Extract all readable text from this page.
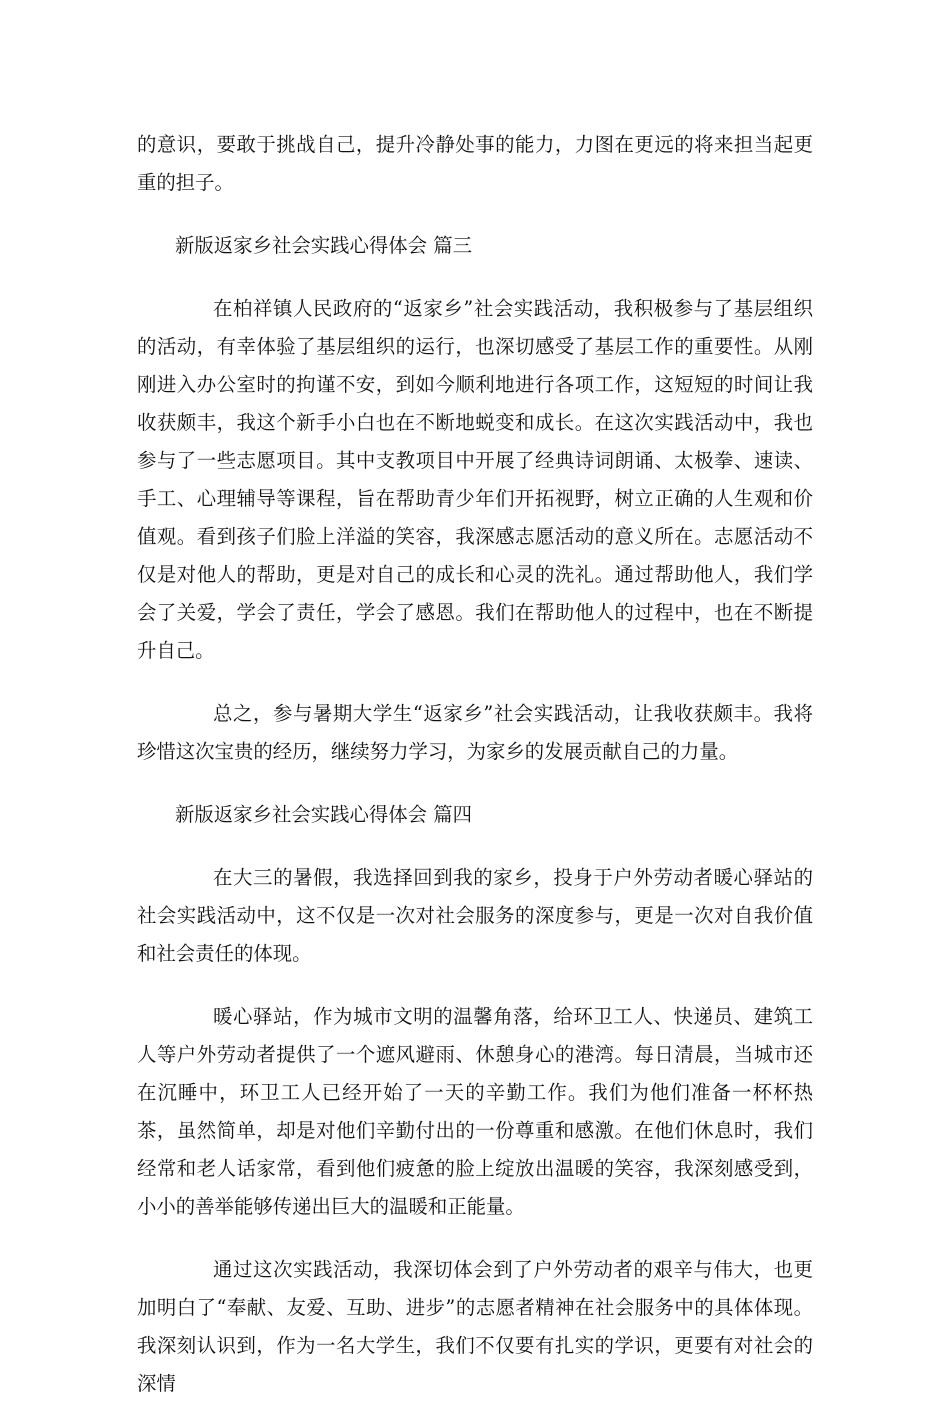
的意识，要敢于挑战自己，提升冷静处事的能力，力图在更远的将来担当起更重的担子。

新版返家乡社会实践心得体会 篇三

在柏祥镇人民政府的“返家乡”社会实践活动，我积极参与了基层组织的活动，有幸体验了基层组织的运行，也深切感受了基层工作的重要性。从刚刚进入办公室时的拘谨不安，到如今顺利地进行各项工作，这短短的时间让我收获颇丰，我这个新手小白也在不断地蜕变和成长。在这次实践活动中，我也参与了一些志愿项目。其中支教项目中开展了经典诗词朗诵、太极拳、速读、手工、心理辅导等课程，旨在帮助青少年们开拓视野，树立正确的人生观和价值观。看到孩子们脸上洋溢的笑容，我深感志愿活动的意义所在。志愿活动不仅是对他人的帮助，更是对自己的成长和心灵的洗礼。通过帮助他人，我们学会了关爱，学会了责任，学会了感恩。我们在帮助他人的过程中，也在不断提升自己。

总之，参与暑期大学生“返家乡”社会实践活动，让我收获颇丰。我将珍惜这次宝贵的经历，继续努力学习，为家乡的发展贡献自己的力量。

新版返家乡社会实践心得体会 篇四

在大三的暑假，我选择回到我的家乡，投身于户外劳动者暖心驿站的社会实践活动中，这不仅是一次对社会服务的深度参与，更是一次对自我价值和社会责任的体现。

暖心驿站，作为城市文明的温馨角落，给环卫工人、快递员、建筑工人等户外劳动者提供了一个遮风避雨、休憩身心的港湾。每日清晨，当城市还在沉睡中，环卫工人已经开始了一天的辛勤工作。我们为他们准备一杯杯热茶，虽然简单，却是对他们辛勤付出的一份尊重和感激。在他们休息时，我们经常和老人话家常，看到他们疲惫的脸上绽放出温暖的笑容，我深刻感受到，小小的善举能够传递出巨大的温暖和正能量。

通过这次实践活动，我深切体会到了户外劳动者的艰辛与伟大，也更加明白了“奉献、友爱、互助、进步”的志愿者精神在社会服务中的具体体现。我深刻认识到，作为一名大学生，我们不仅要有扎实的学识，更要有对社会的深情
